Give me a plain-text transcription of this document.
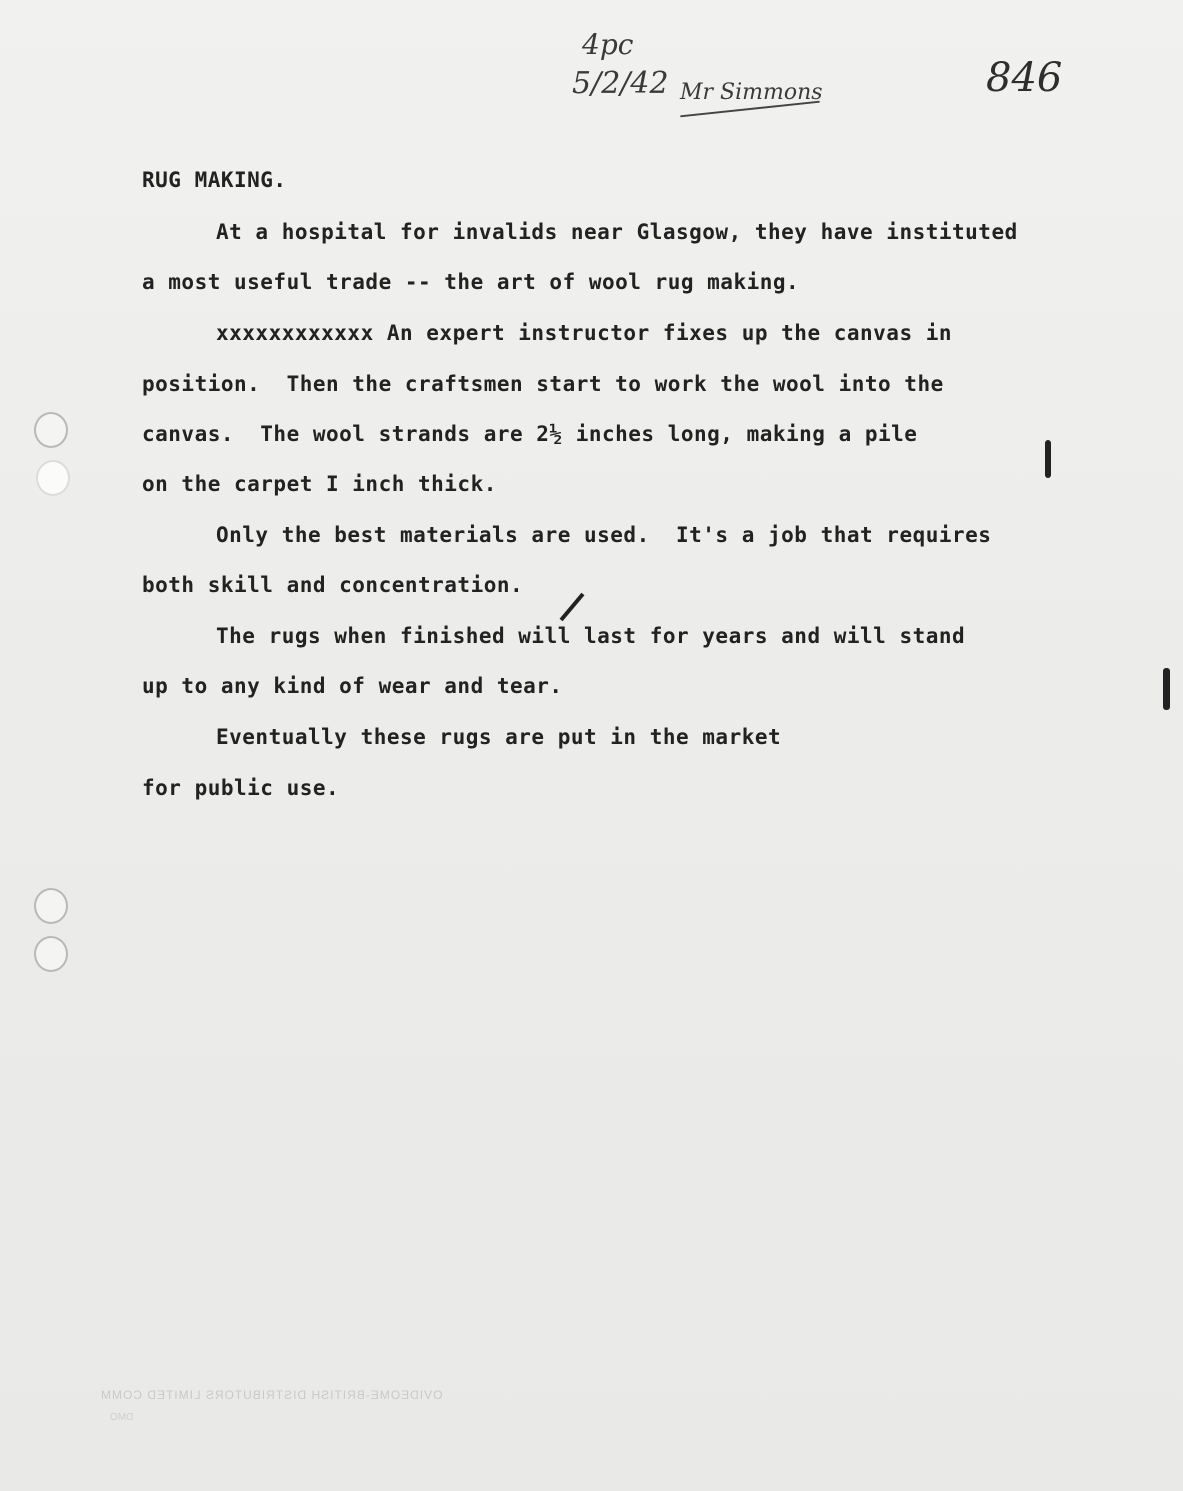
4pc
5/2/42 Mr Simmons	846
RUG MAKING.
At a hospital for invalids near Glasgow, they have instituted
a most useful trade -- the art of wool rug making.
xxxxxxxxxxxx An expert instructor fixes up the canvas in
position.  Then the craftsmen start to work the wool into the
canvas.  The wool strands are 2½ inches long, making a pile
on the carpet I inch thick.
Only the best materials are used.  It's a job that requires
both skill and concentration.
The rugs when finished will last for years and will stand
up to any kind of wear and tear.
Eventually these rugs are put in the market
for public use.
OVIDEOME-BRITISH DISTRIBUTORS LIMITED COMM
DMO
